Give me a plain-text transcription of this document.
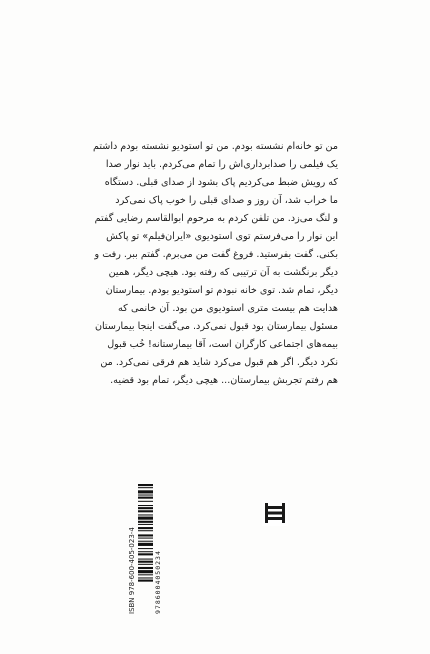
من تو خانه‌ام نشسته بودم. من تو استودیو نشسته بودم داشتم
یک فیلمی را صدابرداری‌اش را تمام می‌کردم. باید نوار صدا
که رویش ضبط می‌کردیم پاک بشود از صدای قبلی. دستگاه
ما خراب شد، آن روز و صدای قبلی را خوب پاک نمی‌کرد
و لنگ می‌زد. من تلفن کردم به مرحوم ابوالقاسم رضایی گفتم
این نوار را می‌فرستم توی استودیوی «ایران‌فیلم» تو پاکش
بکنی. گفت بفرستید. فروغ گفت من می‌برم. گفتم ببر. رفت و
دیگر برنگشت به آن ترتیبی که رفته بود. هیچی دیگر، همین
دیگر، تمام شد. توی خانه نبودم تو استودیو بودم. بیمارستان
هدایت هم بیست متری استودیوی من بود. آن خانمی که
مسئول بیمارستان بود قبول نمی‌کرد. می‌گفت اینجا بیمارستان
بیمه‌های اجتماعی کارگران است، آقا بیمارستانه! خُب قبول
نکرد دیگر. اگر هم قبول می‌کرد شاید هم فرقی نمی‌کرد. من
هم رفتم تجربش بیمارستان... هیچی دیگر، تمام بود قضیه.
ISBN 978-600-405-023-4	9786004050234
